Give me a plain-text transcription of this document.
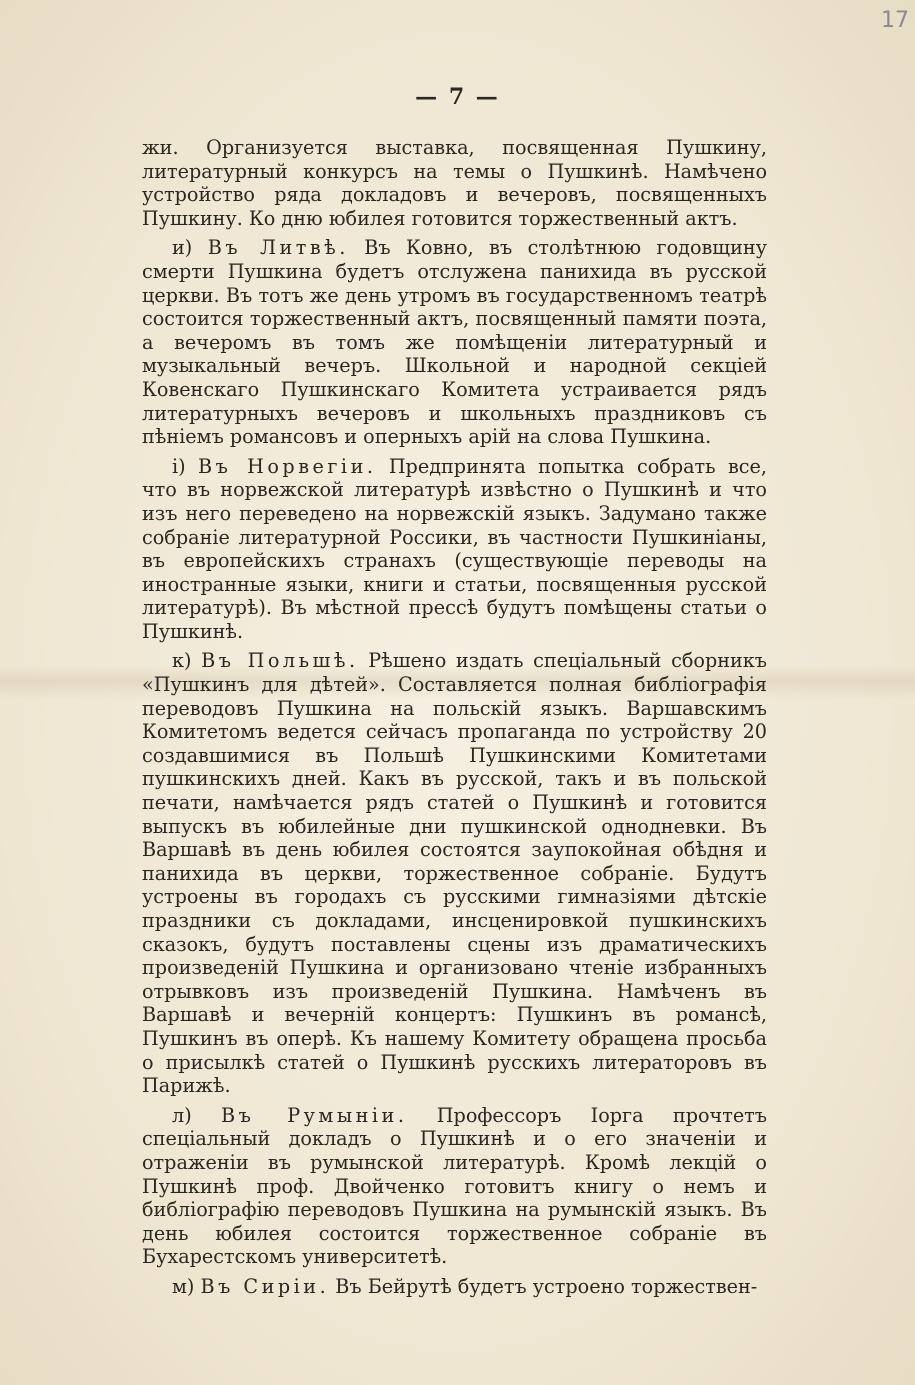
17
— 7 —

жи. Организуется выставка, посвященная Пушкину, литературный конкурсъ на темы о Пушкинѣ. Намѣчено устройство ряда докладовъ и вечеровъ, посвященныхъ Пушкину. Ко дню юбилея готовится торжественный актъ.

и) Въ Литвѣ. Въ Ковно, въ столѣтнюю годовщину смерти Пушкина будетъ отслужена панихида въ русской церкви. Въ тотъ же день утромъ въ государственномъ театрѣ состоится торжественный актъ, посвященный памяти поэта, а вечеромъ въ томъ же помѣщеніи литературный и музыкальный вечеръ. Школьной и народной секціей Ковенскаго Пушкинскаго Комитета устраивается рядъ литературныхъ вечеровъ и школьныхъ праздниковъ съ пѣніемъ романсовъ и оперныхъ арій на слова Пушкина.

і) Въ Норвегіи. Предпринята попытка собрать все, что въ норвежской литературѣ извѣстно о Пушкинѣ и что изъ него переведено на норвежскій языкъ. Задумано также собраніе литературной Россики, въ частности Пушкиніаны, въ европейскихъ странахъ (существующіе переводы на иностранные языки, книги и статьи, посвященныя русской литературѣ). Въ мѣстной прессѣ будутъ помѣщены статьи о Пушкинѣ.

к) Въ Польшѣ. Рѣшено издать спеціальный сборникъ «Пушкинъ для дѣтей». Составляется полная библіографія переводовъ Пушкина на польскій языкъ. Варшавскимъ Комитетомъ ведется сейчасъ пропаганда по устройству 20 создавшимися въ Польшѣ Пушкинскими Комитетами пушкинскихъ дней. Какъ въ русской, такъ и въ польской печати, намѣчается рядъ статей о Пушкинѣ и готовится выпускъ въ юбилейные дни пушкинской однодневки. Въ Варшавѣ въ день юбилея состоятся заупокойная обѣдня и панихида въ церкви, торжественное собраніе. Будутъ устроены въ городахъ съ русскими гимназіями дѣтскіе праздники съ докладами, инсценировкой пушкинскихъ сказокъ, будутъ поставлены сцены изъ драматическихъ произведеній Пушкина и организовано чтеніе избранныхъ отрывковъ изъ произведеній Пушкина. Намѣченъ въ Варшавѣ и вечерній концертъ: Пушкинъ въ романсѣ, Пушкинъ въ оперѣ. Къ нашему Комитету обращена просьба о присылкѣ статей о Пушкинѣ русскихъ литераторовъ въ Парижѣ.

л) Въ Румыніи. Профессоръ Іорга прочтетъ спеціальный докладъ о Пушкинѣ и о его значеніи и отраженіи въ румынской литературѣ. Кромѣ лекцій о Пушкинѣ проф. Двойченко готовитъ книгу о немъ и библіографію переводовъ Пушкина на румынскій языкъ. Въ день юбилея состоится торжественное собраніе въ Бухарестскомъ университетѣ.

м) Въ Сиріи. Въ Бейрутѣ будетъ устроено торжествен-
